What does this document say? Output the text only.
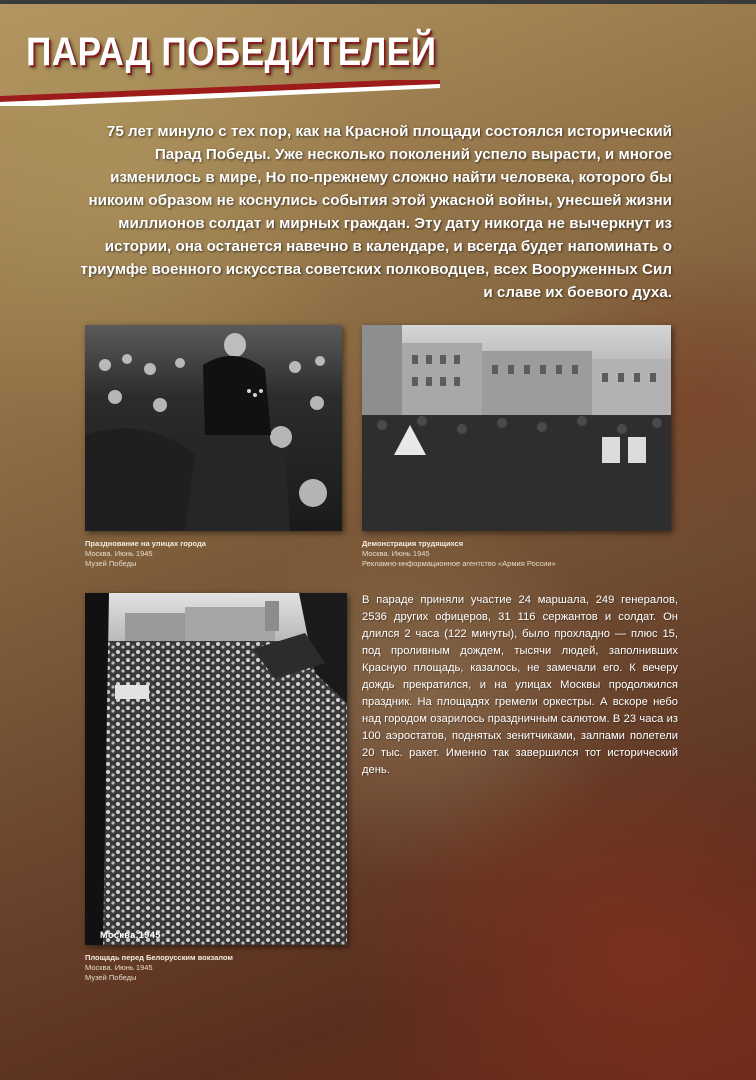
ПАРАД ПОБЕДИТЕЛЕЙ

75 лет минуло с тех пор, как на Красной площади состоялся исторический Парад Победы. Уже несколько поколений успело вырасти, и многое изменилось в мире, Но по-прежнему сложно найти человека, которого бы никоим образом не коснулись события этой ужасной войны, унесшей жизни миллионов солдат и мирных граждан. Эту дату никогда не вычеркнут из истории, она останется навечно в календаре, и всегда будет напоминать о триумфе военного искусства советских полководцев, всех Вооруженных Сил и славе их боевого духа.

Празднование на улицах города
Москва. Июнь 1945
Музей Победы
Демонстрация трудящихся
Москва. Июнь 1945
Рекламно-информационное агентство «Армия России»
Москва,1945
Площадь перед Белорусским вокзалом
Москва. Июнь 1945
Музей Победы

В параде приняли участие 24 маршала, 249 генералов, 2536 других офицеров, 31 116 сержантов и солдат. Он длился 2 часа (122 минуты), было прохладно — плюс 15, под проливным дождем, тысячи людей, заполнивших Красную площадь, казалось, не замечали его. К вечеру дождь прекратился, и на улицах Москвы продолжился праздник. На площадях гремели оркестры. А вскоре небо над городом озарилось праздничным салютом. В 23 часа из 100 аэростатов, поднятых зенитчиками, залпами полетели 20 тыс. ракет. Именно так завершился тот исторический день.
